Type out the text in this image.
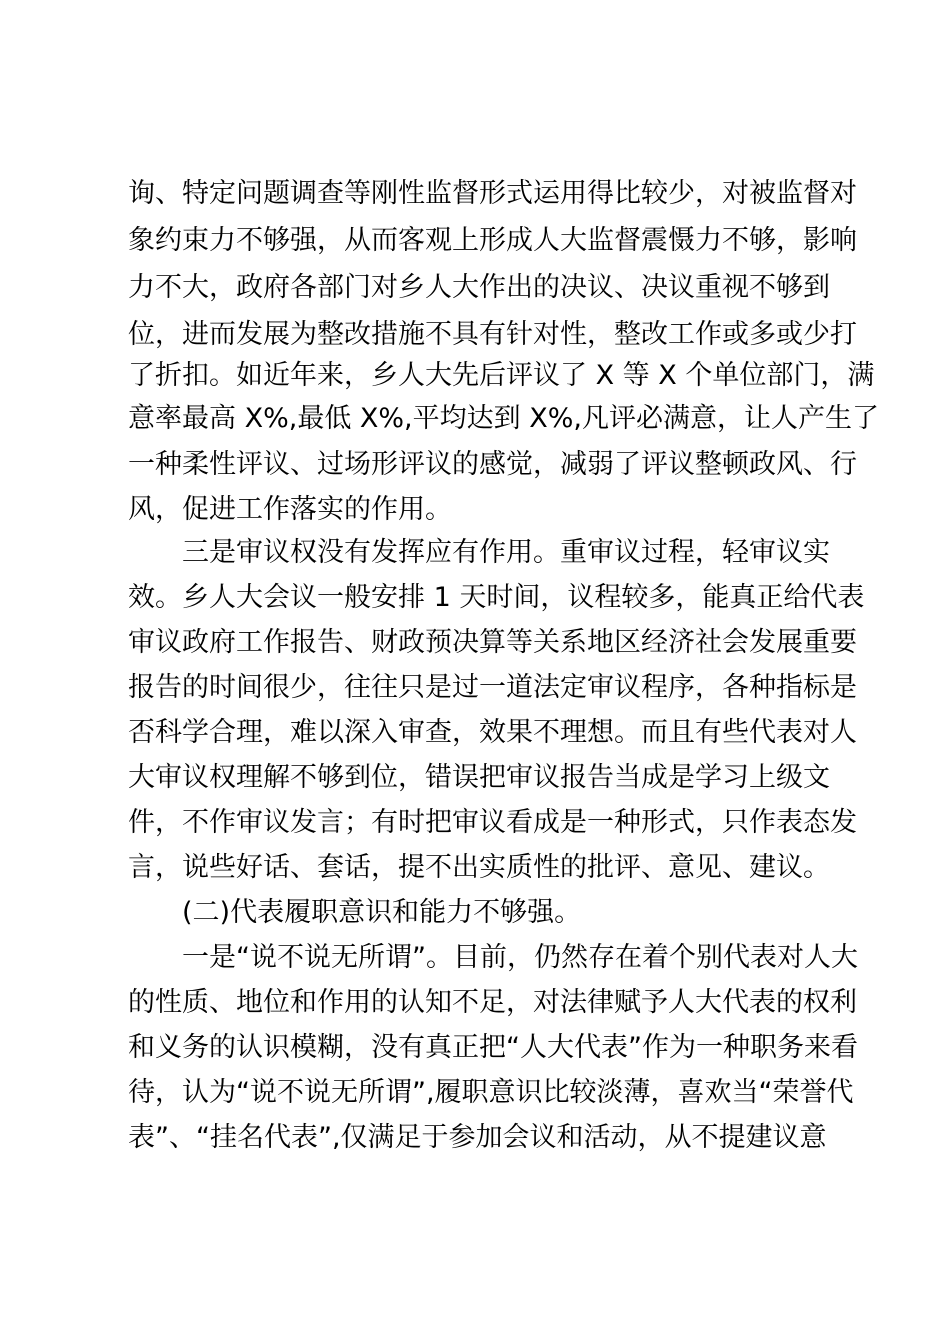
询、特定问题调查等刚性监督形式运用得比较少，对被监督对
象约束力不够强，从而客观上形成人大监督震慑力不够，影响
力不大，政府各部门对乡人大作出的决议、决议重视不够到
位，进而发展为整改措施不具有针对性，整改工作或多或少打
了折扣。如近年来，乡人大先后评议了 X 等 X 个单位部门，满
意率最高 X%,最低 X%,平均达到 X%,凡评必满意，让人产生了
一种柔性评议、过场形评议的感觉，减弱了评议整顿政风、行
风，促进工作落实的作用。
三是审议权没有发挥应有作用。重审议过程，轻审议实
效。乡人大会议一般安排 1 天时间，议程较多，能真正给代表
审议政府工作报告、财政预决算等关系地区经济社会发展重要
报告的时间很少，往往只是过一道法定审议程序，各种指标是
否科学合理，难以深入审查，效果不理想。而且有些代表对人
大审议权理解不够到位，错误把审议报告当成是学习上级文
件，不作审议发言；有时把审议看成是一种形式，只作表态发
言，说些好话、套话，提不出实质性的批评、意见、建议。
(二)代表履职意识和能力不够强。
一是“说不说无所谓”。目前，仍然存在着个别代表对人大
的性质、地位和作用的认知不足，对法律赋予人大代表的权利
和义务的认识模糊，没有真正把“人大代表”作为一种职务来看
待，认为“说不说无所谓”,履职意识比较淡薄，喜欢当“荣誉代
表”、“挂名代表”,仅满足于参加会议和活动，从不提建议意
